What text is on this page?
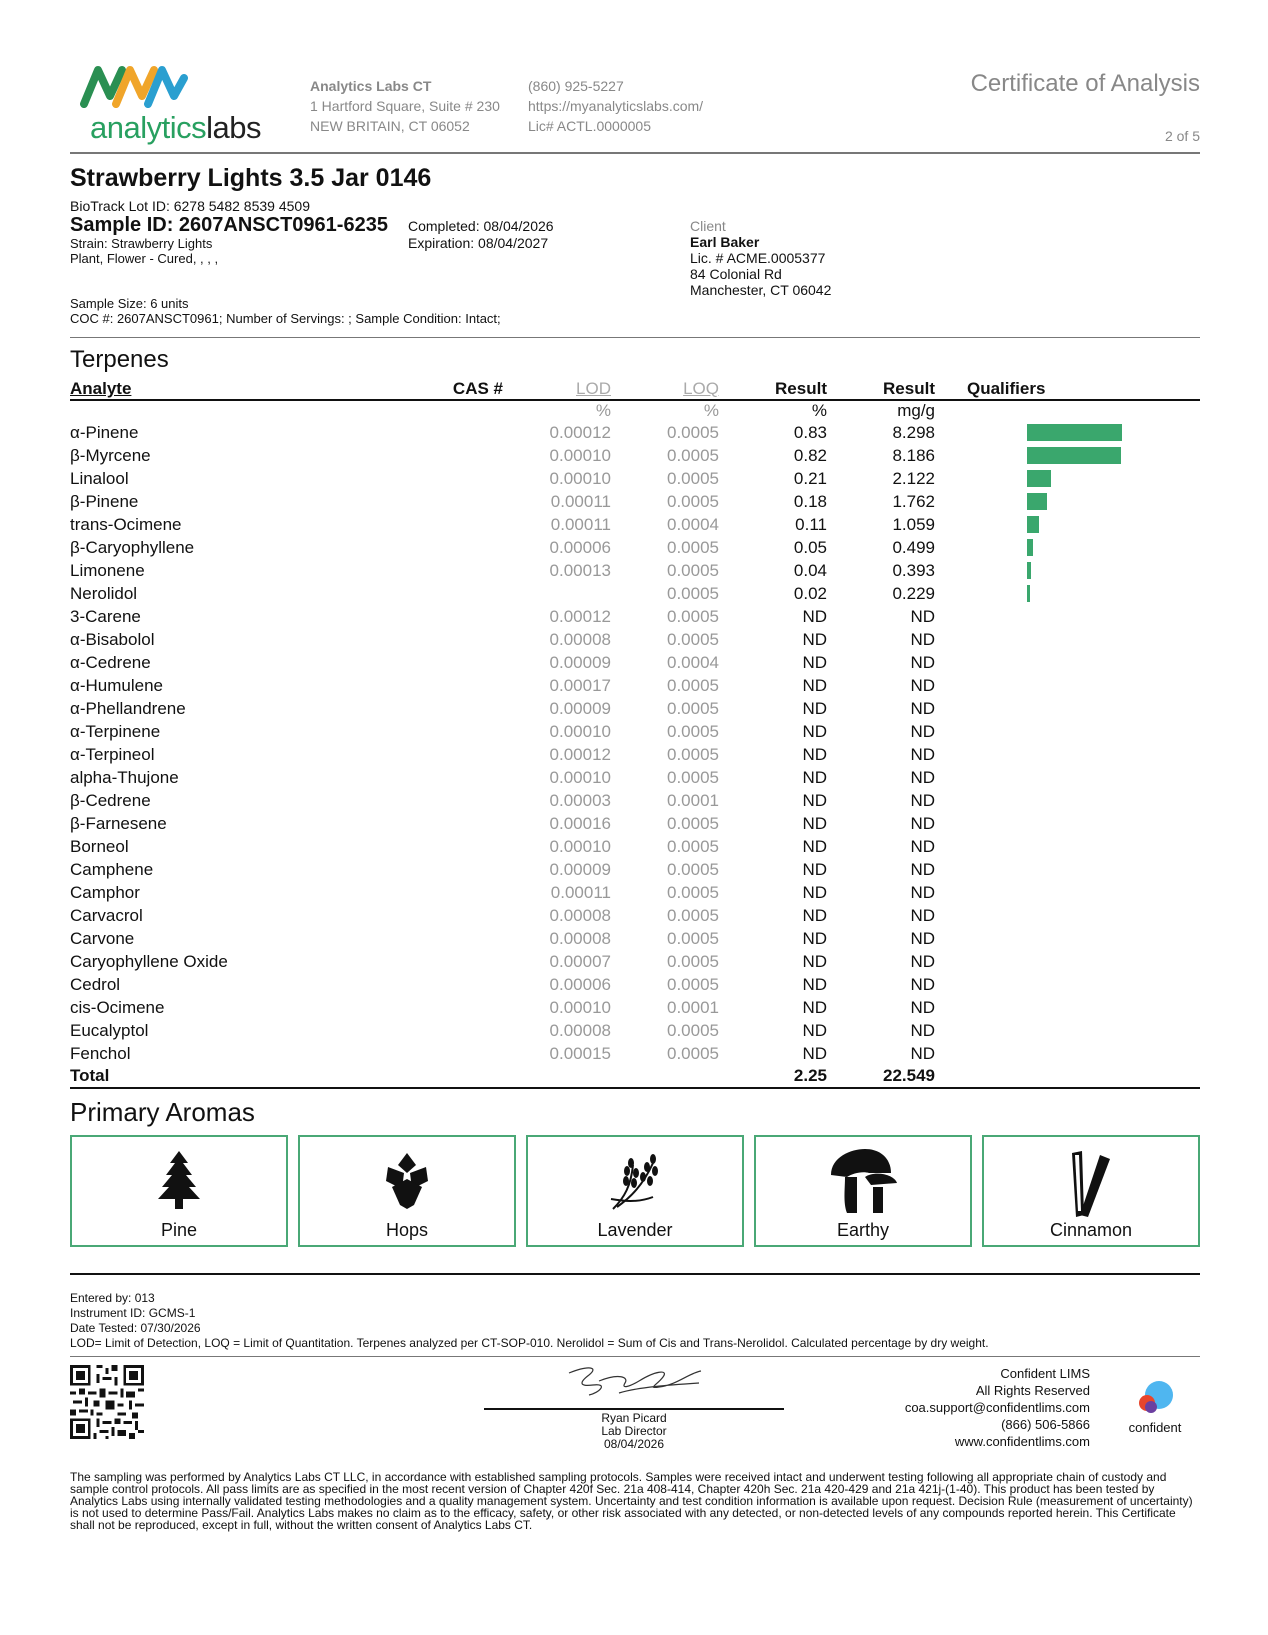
analyticslabs
Analytics Labs CT
1 Hartford Square, Suite # 230
NEW BRITAIN, CT 06052
(860) 925-5227
https://myanalyticslabs.com/
Lic# ACTL.0000005
Certificate of Analysis
2 of 5
Strawberry Lights 3.5 Jar 0146
BioTrack Lot ID: 6278 5482 8539 4509
Sample ID: 2607ANSCT0961-6235 Completed: 08/04/2026
Expiration: 08/04/2027
Strain: Strawberry Lights
Plant, Flower - Cured, , , ,
Client
Earl Baker
Lic. # ACME.0005377
84 Colonial Rd
Manchester, CT 06042
Sample Size: 6 units
COC #: 2607ANSCT0961; Number of Servings: ; Sample Condition: Intact;
Terpenes
Analyte	CAS #	LOD	LOQ	Result	Result	Qualifiers
		%	%	%	mg/g	
α-Pinene		0.00012	0.0005	0.83	8.298	

β-Myrcene		0.00010	0.0005	0.82	8.186	

Linalool		0.00010	0.0005	0.21	2.122	

β-Pinene		0.00011	0.0005	0.18	1.762	

trans-Ocimene		0.00011	0.0004	0.11	1.059	

β-Caryophyllene		0.00006	0.0005	0.05	0.499	

Limonene		0.00013	0.0005	0.04	0.393	

Nerolidol			0.0005	0.02	0.229	

3-Carene		0.00012	0.0005	ND	ND	
α-Bisabolol		0.00008	0.0005	ND	ND	
α-Cedrene		0.00009	0.0004	ND	ND	
α-Humulene		0.00017	0.0005	ND	ND	
α-Phellandrene		0.00009	0.0005	ND	ND	
α-Terpinene		0.00010	0.0005	ND	ND	
α-Terpineol		0.00012	0.0005	ND	ND	
alpha-Thujone		0.00010	0.0005	ND	ND	
β-Cedrene		0.00003	0.0001	ND	ND	
β-Farnesene		0.00016	0.0005	ND	ND	
Borneol		0.00010	0.0005	ND	ND	
Camphene		0.00009	0.0005	ND	ND	
Camphor		0.00011	0.0005	ND	ND	
Carvacrol		0.00008	0.0005	ND	ND	
Carvone		0.00008	0.0005	ND	ND	
Caryophyllene Oxide		0.00007	0.0005	ND	ND	
Cedrol		0.00006	0.0005	ND	ND	
cis-Ocimene		0.00010	0.0001	ND	ND	
Eucalyptol		0.00008	0.0005	ND	ND	
Fenchol		0.00015	0.0005	ND	ND	
Total				2.25	22.549	
Primary Aromas
Pine	Hops	Lavender	Earthy	Cinnamon
Entered by: 013
Instrument ID: GCMS-1
Date Tested: 07/30/2026
LOD= Limit of Detection, LOQ = Limit of Quantitation. Terpenes analyzed per CT-SOP-010. Nerolidol = Sum of Cis and Trans-Nerolidol. Calculated percentage by dry weight.
Ryan Picard
Lab Director
08/04/2026
Confident LIMS
All Rights Reserved
coa.support@confidentlims.com
(866) 506-5866
www.confidentlims.com
confident
The sampling was performed by Analytics Labs CT LLC, in accordance with established sampling protocols. Samples were received intact and underwent testing following all appropriate chain of custody and sample control protocols. All pass limits are as specified in the most recent version of Chapter 420f Sec. 21a 408-414, Chapter 420h Sec. 21a 420-429 and 21a 421j-(1-40). This product has been tested by Analytics Labs using internally validated testing methodologies and a quality management system. Uncertainty and test condition information is available upon request. Decision Rule (measurement of uncertainty) is not used to determine Pass/Fail. Analytics Labs makes no claim as to the efficacy, safety, or other risk associated with any detected, or non-detected levels of any compounds reported herein. This Certificate shall not be reproduced, except in full, without the written consent of Analytics Labs CT.
